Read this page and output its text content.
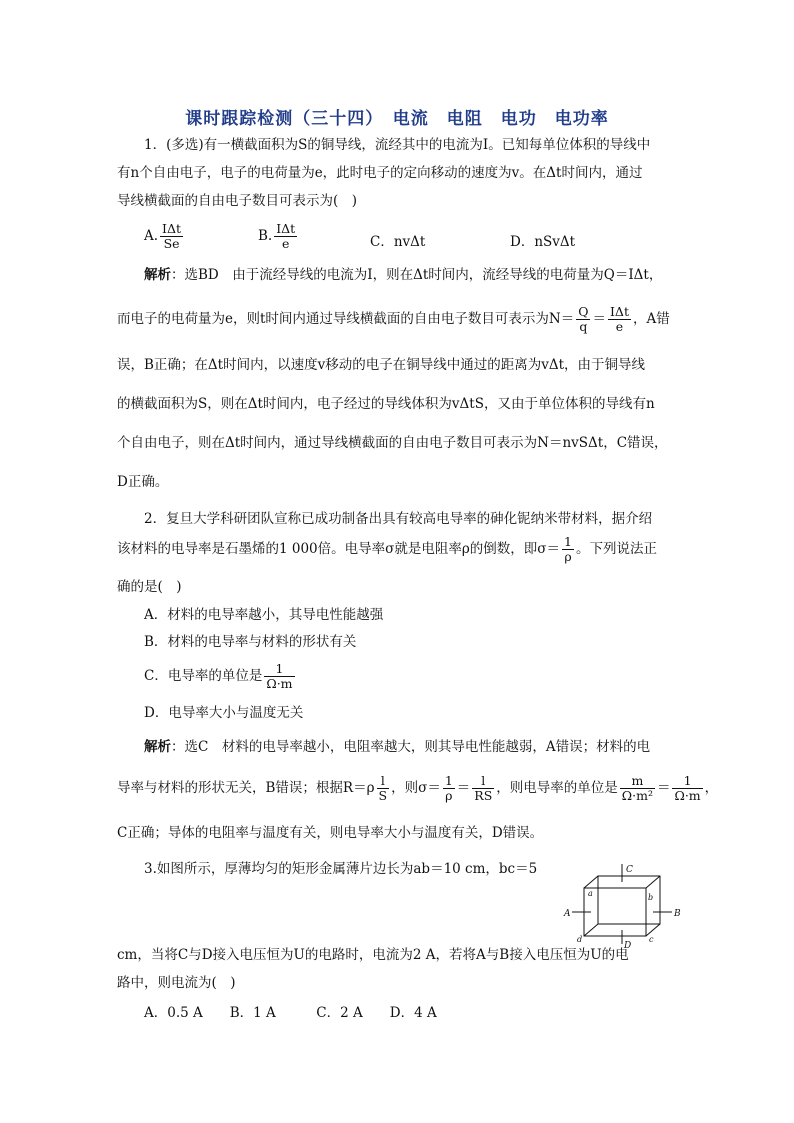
课时跟踪检测（三十四）　电流　电阻　电功　电功率
1．(多选)有一横截面积为S的铜导线，流经其中的电流为I。已知每单位体积的导线中
有n个自由电子，电子的电荷量为e，此时电子的定向移动的速度为v。在Δt时间内，通过
导线横截面的自由电子数目可表示为(　)
A. $\frac{\text{IΔt}}{Se}$	B. $\frac{\text{IΔt}}{e}$	C．nvΔt	D．nSvΔt
解析：选BD　由于流经导线的电流为I，则在Δt时间内，流经导线的电荷量为Q＝IΔt，
而电子的电荷量为e，则t时间内通过导线横截面的自由电子数目可表示为$N= \frac{Q}{q} = \frac{\text{IΔt}}{e}$ ，A错
误，B正确；在Δt时间内，以速度v移动的电子在铜导线中通过的距离为vΔt，由于铜导线
的横截面积为S，则在Δt时间内，电子经过的导线体积为vΔtS，又由于单位体积的导线有n
个自由电子，则在Δt时间内，通过导线横截面的自由电子数目可表示为N＝nvSΔt，C错误，
D正确。
2．复旦大学科研团队宣称已成功制备出具有较高电导率的砷化铌纳米带材料，据介绍
该材料的电导率是石墨烯的1 000倍。电导率σ就是电阻率ρ的倒数，即$\sigma= \frac{1}{\rho}$ 。下列说法正
确的是(　)
A．材料的电导率越小，其导电性能越强
B．材料的电导率与材料的形状有关
C．电导率的单位是 $\frac{1}{\Omega\cdot m}$
D．电导率大小与温度无关
解析：选C　材料的电导率越小，电阻率越大，则其导电性能越弱，A错误；材料的电
导率与材料的形状无关，B错误；根据$R=\rho \frac{l}{S}$ ，则$\sigma= \frac{1}{\rho} = \frac{l}{RS}$ ，则电导率的单位是 $\frac{m}{\text{Ω·m²}} = \frac{1}{\Omega\cdot m}$ ，
C正确；导体的电阻率与温度有关，则电导率大小与温度有关，D错误。
3.如图所示，厚薄均匀的矩形金属薄片边长为ab＝10 cm，bc＝5
cm，当将C与D接入电压恒为U的电路时，电流为2 A，若将A与B接入电压恒为U的电
路中，则电流为(　)
A．0.5 A　　B．1 A　　　C．2 A　　D．4 A
C
D
A	B
a	b
c
d
